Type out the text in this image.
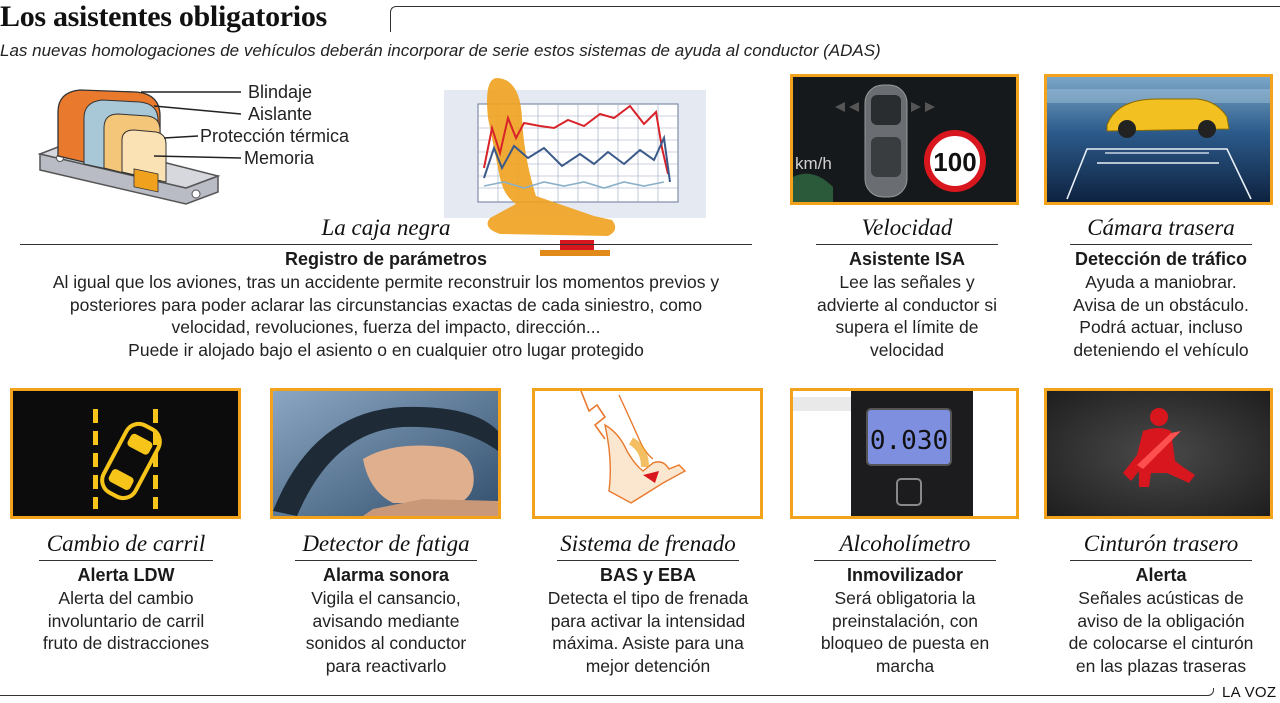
Los asistentes obligatorios
Las nuevas homologaciones de vehículos deberán incorporar de serie estos sistemas de ayuda al conductor (ADAS)
Blindaje
Aislante
Protección térmica
Memoria
La caja negra
Registro de parámetros
Al igual que los aviones, tras un accidente permite reconstruir los momentos previos y
posteriores para poder aclarar las circunstancias exactas de cada siniestro, como
velocidad, revoluciones, fuerza del impacto, dirección...
Puede ir alojado bajo el asiento o en cualquier otro lugar protegido
100
km/h
Velocidad
Asistente ISA
Lee las señales y
advierte al conductor si
supera el límite de
velocidad
Cámara trasera
Detección de tráfico
Ayuda a maniobrar.
Avisa de un obstáculo.
Podrá actuar, incluso
deteniendo el vehículo
Cambio de carril
Alerta LDW
Alerta del cambio
involuntario de carril
fruto de distracciones
Detector de fatiga
Alarma sonora
Vigila el cansancio,
avisando mediante
sonidos al conductor
para reactivarlo
Sistema de frenado
BAS y EBA
Detecta el tipo de frenada
para activar la intensidad
máxima. Asiste para una
mejor detención
0.030
Alcoholímetro
Inmovilizador
Será obligatoria la
preinstalación, con
bloqueo de puesta en
marcha
Cinturón trasero
Alerta
Señales acústicas de
aviso de la obligación
de colocarse el cinturón
en las plazas traseras
LA VOZ
